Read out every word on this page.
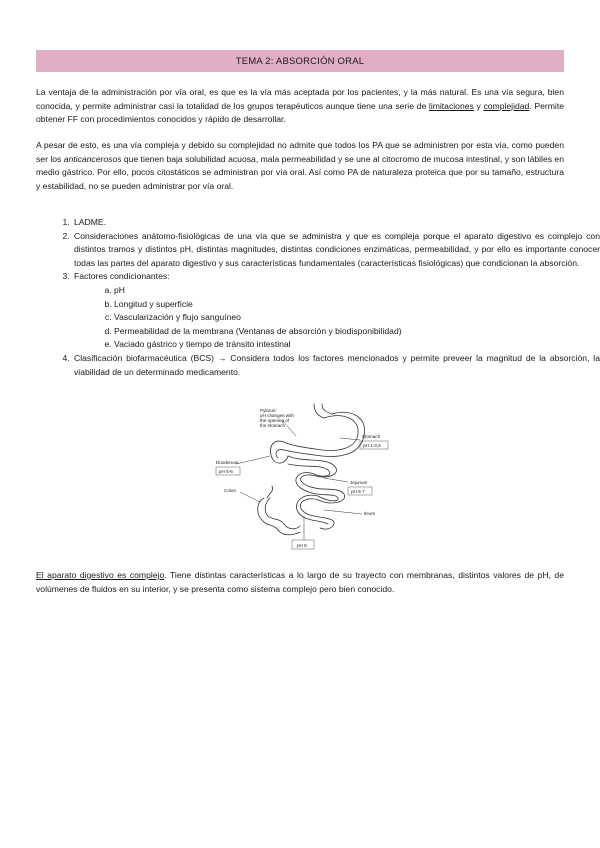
TEMA 2: ABSORCIÓN ORAL

La ventaja de la administración por vía oral, es que es la vía más aceptada por los pacientes, y la más natural. Es una vía segura, bien conocida, y permite administrar casi la totalidad de los grupos terapéuticos aunque tiene una serie de limitaciones y complejidad. Permite obtener FF con procedimientos conocidos y rápido de desarrollar.

A pesar de esto, es una vía compleja y debido su complejidad no admite que todos los PA que se administren por esta vía, como pueden ser los anticancerosos que tienen baja solubilidad acuosa, mala permeabilidad y se une al citocromo de mucosa intestinal, y son lábiles en medio gástrico. Por ello, pocos citostáticos se administran por vía oral. Así como PA de naturaleza proteica que por su tamaño, estructura y estabilidad, no se pueden administrar por vía oral.

1. LADME.
2. Consideraciones anátomo-fisiológicas de una vía que se administra y que es compleja porque el aparato digestivo es complejo con distintos tramos y distintos pH, distintas magnitudes, distintas condiciones enzimáticas, permeabilidad, y por ello es importante conocer todas las partes del aparato digestivo y sus características fundamentales (características fisiológicas) que condicionan la absorción.
3. Factores condicionantes:
a. pH
b. Longitud y superficie
c. Vascularización y flujo sanguíneo
d. Permeabilidad de la membrana (Ventanas de absorción y biodisponibilidad)
e. Vaciado gástrico y tiempo de tránsito intestinal
4. Clasificación biofarmacéutica (BCS) → Considera todos los factores mencionados y permite preveer la magnitud de la absorción, la viabilidad de un determinado medicamento.
Pylorus:
pH changes with
the opening of
the stomach
Stomach
pH 1-3,5
Duodenum
pH 5-6
Jejunum
pH 6-7
Colon
Ileum
pH 8

El aparato digestivo es complejo. Tiene distintas características a lo largo de su trayecto con membranas, distintos valores de pH, de volúmenes de fluidos en su interior, y se presenta como sistema complejo pero bien conocido.
